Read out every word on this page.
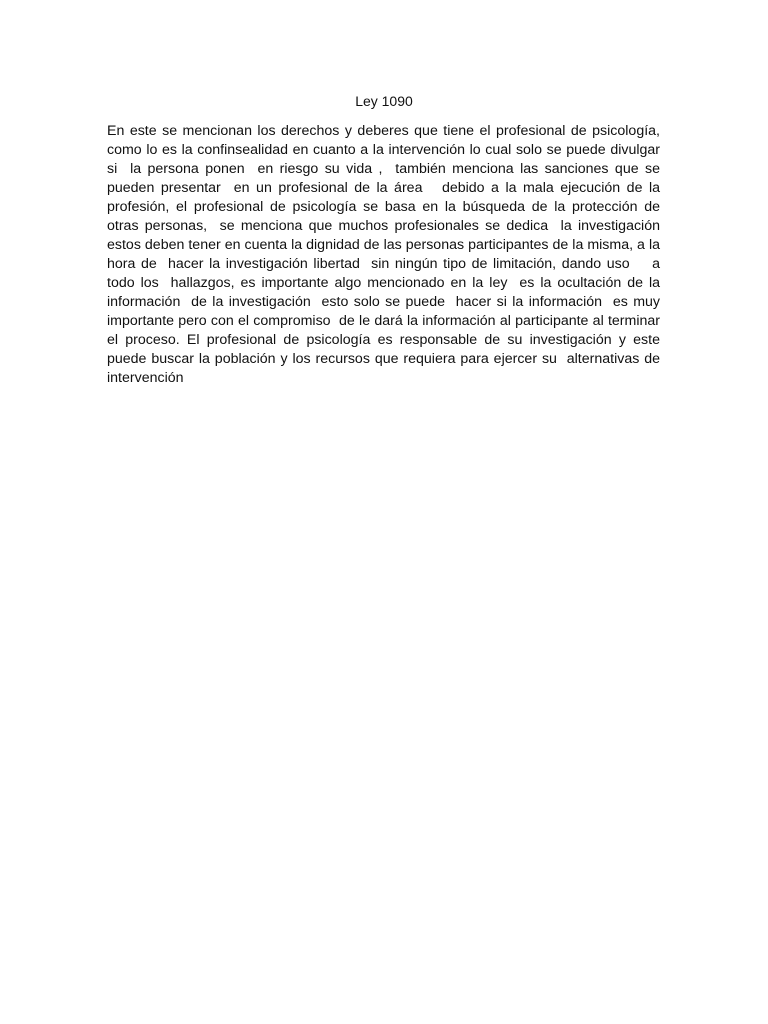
Ley 1090

En este se mencionan los derechos y deberes que tiene el profesional de psicología, como lo es la confinsealidad en cuanto a la intervención lo cual solo se puede divulgar  si  la persona ponen  en riesgo su vida ,  también menciona las sanciones que se pueden presentar  en un profesional de la área   debido a la mala ejecución de la profesión, el profesional de psicología se basa en la búsqueda de la protección de  otras personas,  se menciona que muchos profesionales se dedica  la investigación  estos deben tener en cuenta la dignidad de las personas participantes de la misma, a la hora de  hacer la investigación libertad  sin ningún tipo de limitación, dando uso    a todo los  hallazgos, es importante algo mencionado en la ley  es la ocultación de la información  de la investigación  esto solo se puede  hacer si la información  es muy importante pero con el compromiso  de le dará la información al participante al terminar   el proceso. El profesional de psicología es responsable de su investigación y este puede buscar la población y los recursos que requiera para ejercer su  alternativas de intervención
